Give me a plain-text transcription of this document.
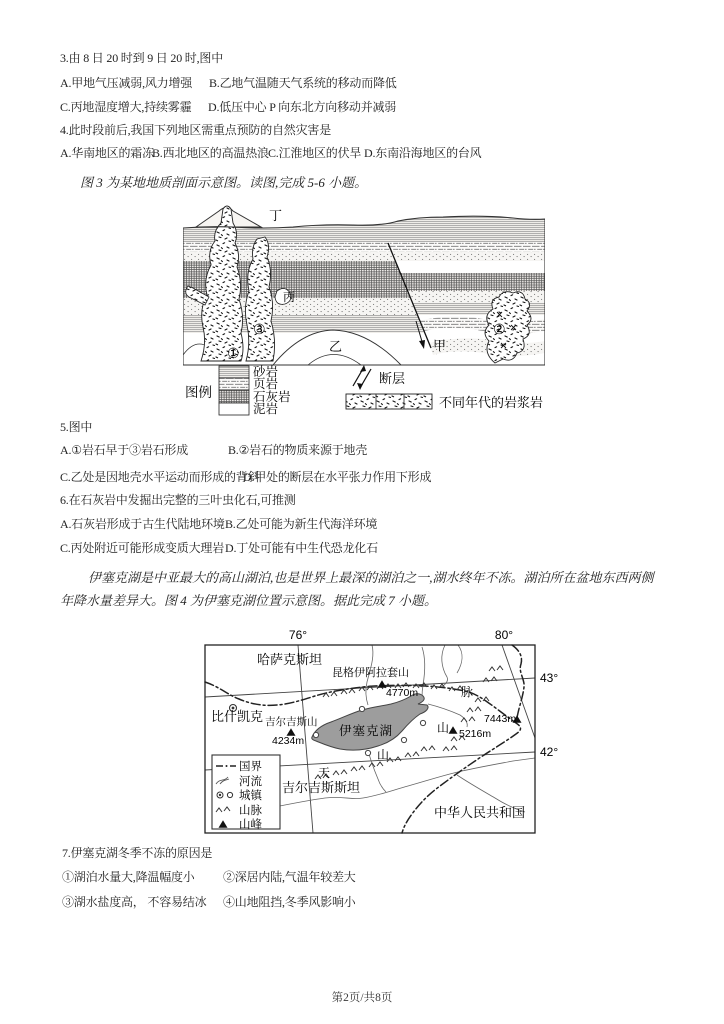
3.由 8 日 20 时到 9 日 20 时,图中
A.甲地气压减弱,风力增强 B.乙地气温随天气系统的移动而降低
C.丙地湿度增大,持续雾霾 D.低压中心 P 向东北方向移动并减弱
4.此时段前后,我国下列地区需重点预防的自然灾害是
A.华南地区的霜冻
B.西北地区的高温热浪 C.江淮地区的伏旱 D.东南沿海地区的台风
图 3 为某地地质剖面示意图。读图,完成 5-6 小题。
丁
丙
①
③
乙	甲
②
图例
砂岩
页岩
石灰岩
泥岩
断层
不同年代的岩浆岩
5.图中
A.①岩石早于③岩石形成	B.②岩石的物质来源于地壳
C.乙处是因地壳水平运动而形成的背斜
D.甲处的断层在水平张力作用下形成
6.在石灰岩中发掘出完整的三叶虫化石,可推测
A.石灰岩形成于古生代陆地环境 B.乙处可能为新生代海洋环境
C.丙处附近可能形成变质大理岩 D.丁处可能有中生代恐龙化石
伊塞克湖是中亚最大的高山湖泊,也是世界上最深的湖泊之一,湖水终年不冻。湖泊所在盆地东西两侧
年降水量差异大。图 4 为伊塞克湖位置示意图。据此完成 7 小题。
76°	80°
43°
42°
哈萨克斯坦
昆格伊阿拉套山
4770m
比什凯克 吉尔吉斯山
4234m
伊塞克湖	山 5216m
脉
7443m
天
山
吉尔吉斯斯坦
中华人民共和国
国界
河流
城镇
山脉
山峰
7.伊塞克湖冬季不冻的原因是
①湖泊水量大,降温幅度小 ②深居内陆,气温年较差大
③湖水盐度高， 不容易结冰 ④山地阻挡,冬季风影响小
第2页/共8页
